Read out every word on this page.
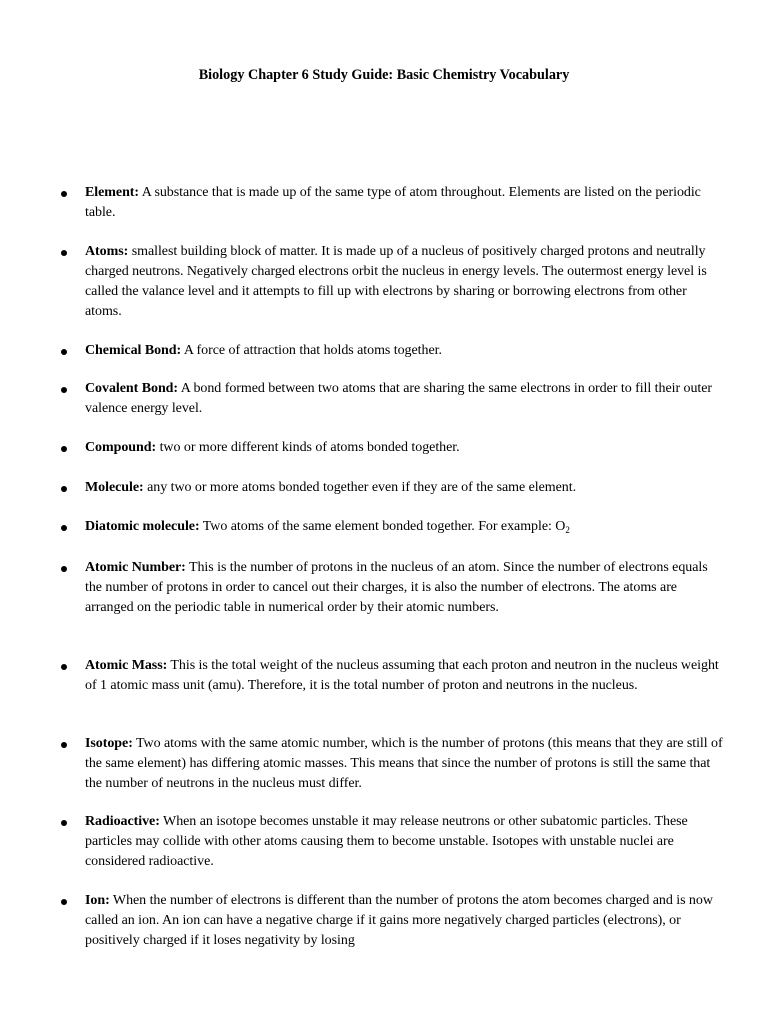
Biology Chapter 6 Study Guide: Basic Chemistry Vocabulary
Element: A substance that is made up of the same type of atom throughout. Elements are listed on the periodic table.
Atoms: smallest building block of matter. It is made up of a nucleus of positively charged protons and neutrally charged neutrons. Negatively charged electrons orbit the nucleus in energy levels. The outermost energy level is called the valance level and it attempts to fill up with electrons by sharing or borrowing electrons from other atoms.
Chemical Bond: A force of attraction that holds atoms together.
Covalent Bond: A bond formed between two atoms that are sharing the same electrons in order to fill their outer valence energy level.
Compound: two or more different kinds of atoms bonded together.
Molecule: any two or more atoms bonded together even if they are of the same element.
Diatomic molecule: Two atoms of the same element bonded together. For example: $O_2$
Atomic Number: This is the number of protons in the nucleus of an atom. Since the number of electrons equals the number of protons in order to cancel out their charges, it is also the number of electrons. The atoms are arranged on the periodic table in numerical order by their atomic numbers.
Atomic Mass: This is the total weight of the nucleus assuming that each proton and neutron in the nucleus weight of 1 atomic mass unit (amu). Therefore, it is the total number of proton and neutrons in the nucleus.
Isotope: Two atoms with the same atomic number, which is the number of protons (this means that they are still of the same element) has differing atomic masses. This means that since the number of protons is still the same that the number of neutrons in the nucleus must differ.
Radioactive: When an isotope becomes unstable it may release neutrons or other subatomic particles. These particles may collide with other atoms causing them to become unstable. Isotopes with unstable nuclei are considered radioactive.
Ion: When the number of electrons is different than the number of protons the atom becomes charged and is now called an ion. An ion can have a negative charge if it gains more negatively charged particles (electrons), or positively charged if it loses negativity by losing
